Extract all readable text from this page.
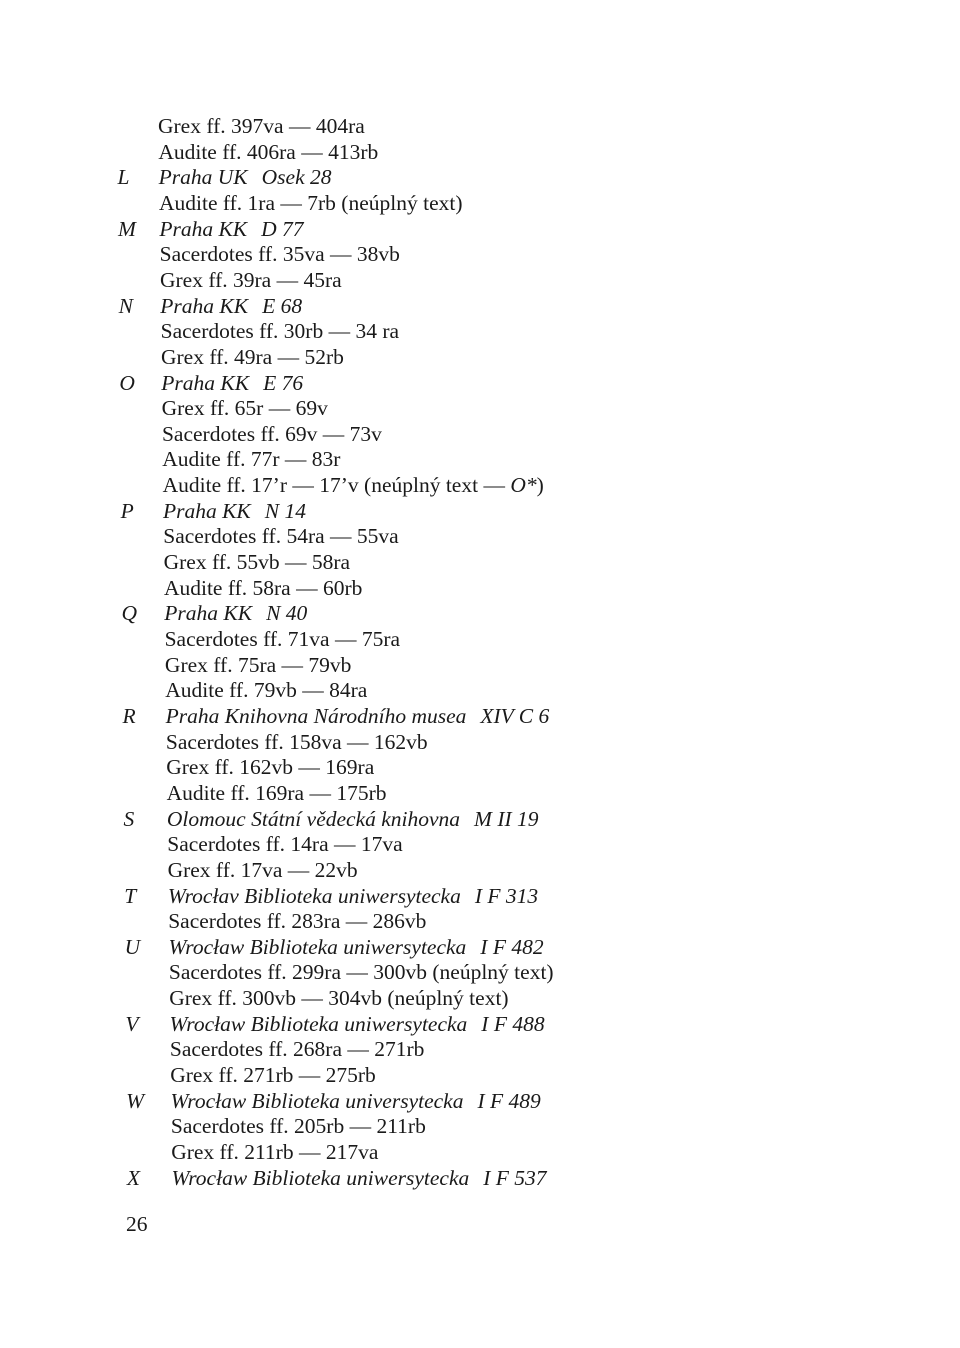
Grex ff. 397va — 404ra
Audite ff. 406ra — 413rb
L	Praha UK Osek 28
Audite ff. 1ra — 7rb (neúplný text)
M	Praha KK D 77
Sacerdotes ff. 35va — 38vb
Grex ff. 39ra — 45ra
N	Praha KK E 68
Sacerdotes ff. 30rb — 34 ra
Grex ff. 49ra — 52rb
O	Praha KK E 76
Grex ff. 65r — 69v
Sacerdotes ff. 69v — 73v
Audite ff. 77r — 83r
Audite ff. 17’r — 17’v (neúplný text — O*)
P	Praha KK N 14
Sacerdotes ff. 54ra — 55va
Grex ff. 55vb — 58ra
Audite ff. 58ra — 60rb
Q	Praha KK N 40
Sacerdotes ff. 71va — 75ra
Grex ff. 75ra — 79vb
Audite ff. 79vb — 84ra
R	Praha Knihovna Národního musea XIV C 6
Sacerdotes ff. 158va — 162vb
Grex ff. 162vb — 169ra
Audite ff. 169ra — 175rb
S	Olomouc Státní vědecká knihovna M II 19
Sacerdotes ff. 14ra — 17va
Grex ff. 17va — 22vb
T	Wrocłav Biblioteka uniwersytecka I F 313
Sacerdotes ff. 283ra — 286vb
U	Wrocław Biblioteka uniwersytecka I F 482
Sacerdotes ff. 299ra — 300vb (neúplný text)
Grex ff. 300vb — 304vb (neúplný text)
V	Wrocław Biblioteka uniwersytecka I F 488
Sacerdotes ff. 268ra — 271rb
Grex ff. 271rb — 275rb
W	Wrocław Biblioteka universytecka I F 489
Sacerdotes ff. 205rb — 211rb
Grex ff. 211rb — 217va
X	Wrocław Biblioteka uniwersytecka I F 537
26
